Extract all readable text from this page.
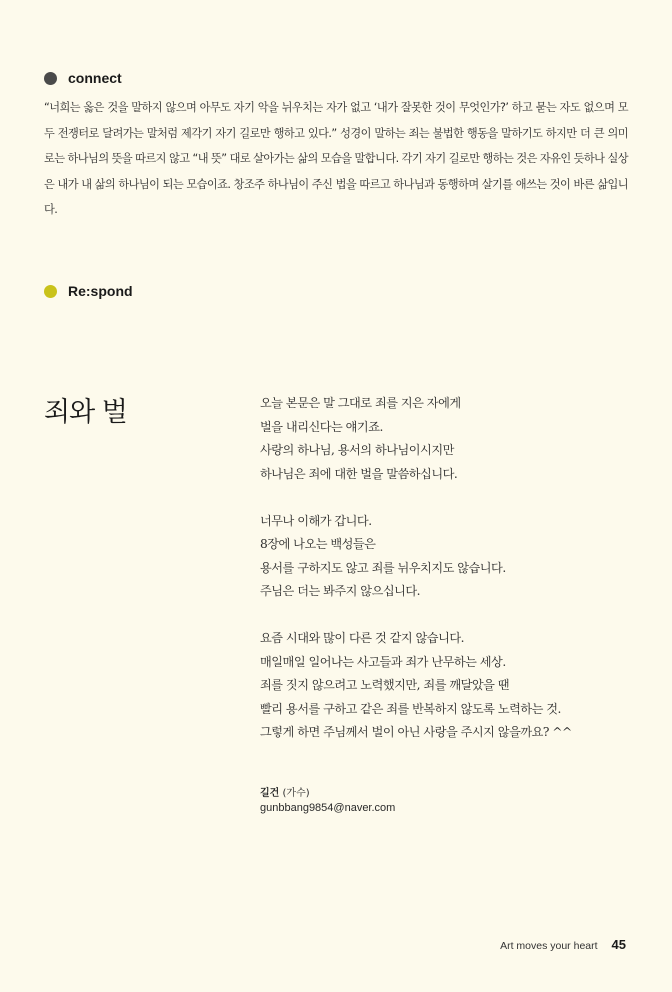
connect
“너희는 옳은 것을 말하지 않으며 아무도 자기 악을 뉘우치는 자가 없고 ‘내가 잘못한 것이 무엇인가?’ 하고 묻는 자도 없으며 모두 전쟁터로 달려가는 말처럼 제각기 자기 길로만 행하고 있다.” 성경이 말하는 죄는 불법한 행동을 말하기도 하지만 더 큰 의미로는 하나님의 뜻을 따르지 않고 “내 뜻” 대로 살아가는 삶의 모습을 말합니다. 각기 자기 길로만 행하는 것은 자유인 듯하나 실상은 내가 내 삶의 하나님이 되는 모습이죠. 창조주 하나님이 주신 법을 따르고 하나님과 동행하며 살기를 애쓰는 것이 바른 삶입니다.
Re:spond
죄와 벌	오늘 본문은 말 그대로 죄를 지은 자에게
벌을 내리신다는 얘기죠.
사랑의 하나님, 용서의 하나님이시지만
하나님은 죄에 대한 벌을 말씀하십니다.
너무나 이해가 갑니다.
8장에 나오는 백성들은
용서를 구하지도 않고 죄를 뉘우치지도 않습니다.
주님은 더는 봐주지 않으십니다.
요즘 시대와 많이 다른 것 같지 않습니다.
매일매일 일어나는 사고들과 죄가 난무하는 세상.
죄를 짓지 않으려고 노력했지만, 죄를 깨달았을 땐
빨리 용서를 구하고 같은 죄를 반복하지 않도록 노력하는 것.
그렇게 하면 주님께서 벌이 아닌 사랑을 주시지 않을까요? ^^
길건 (가수)
gunbbang9854@naver.com
Art moves your heart 45
